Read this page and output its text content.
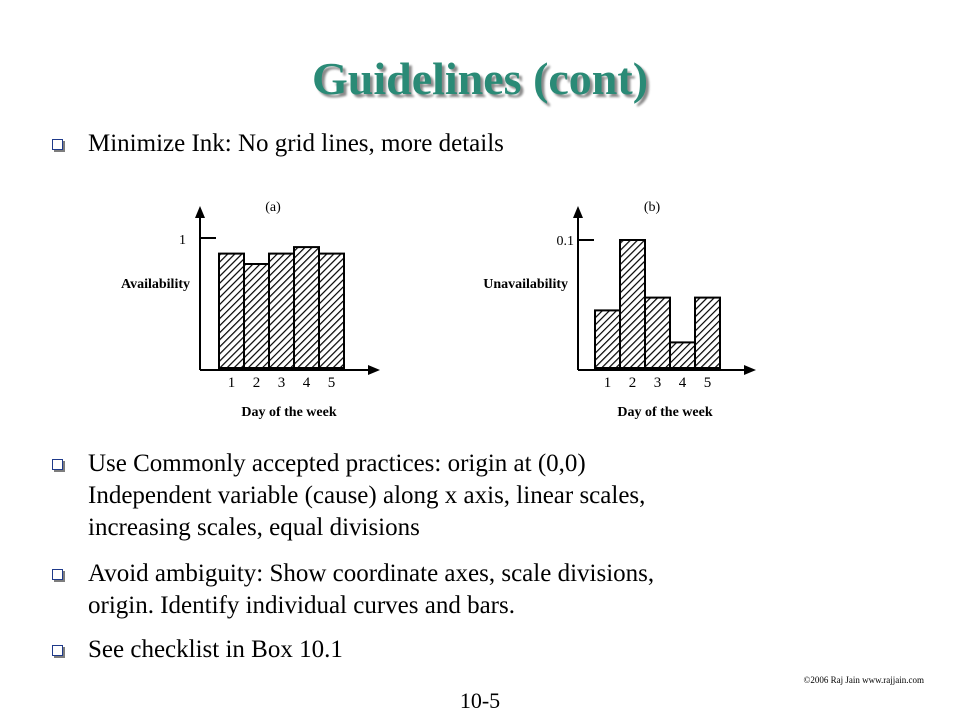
Guidelines (cont)
Minimize Ink: No grid lines, more details
1
(a)
Availability
Day of the week
1 2 3 4 5
0.1
(b)
Unavailability
Day of the week
1 2 3 4 5
Use Commonly accepted practices: origin at (0,0)
Independent variable (cause) along x axis, linear scales,
increasing scales, equal divisions
Avoid ambiguity: Show coordinate axes, scale divisions,
origin. Identify individual curves and bars.
See checklist in Box 10.1
©2006 Raj Jain www.rajjain.com
10-5
